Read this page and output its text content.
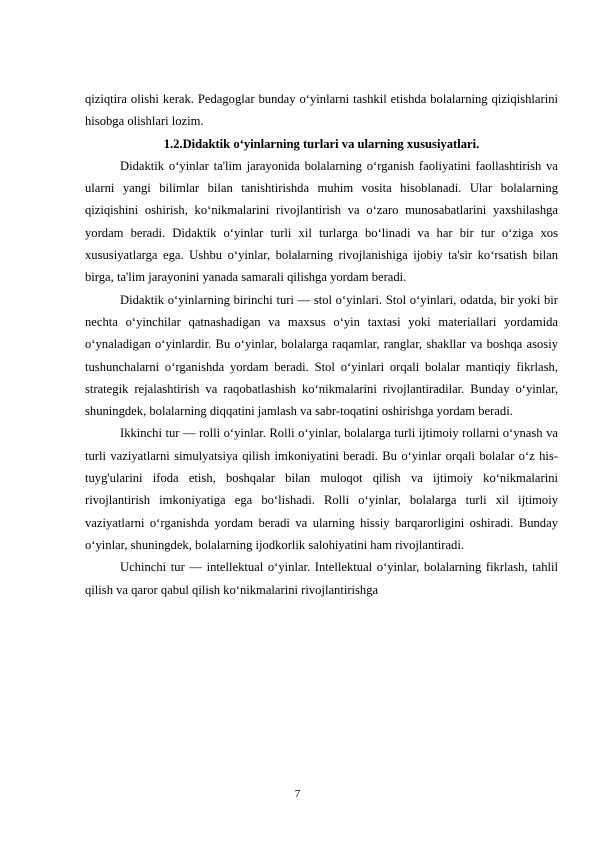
qiziqtira olishi kerak. Pedagoglar bunday o‘yinlarni tashkil etishda bolalarning qiziqishlarini hisobga olishlari lozim.

1.2.Didaktik o‘yinlarning turlari va ularning xususiyatlari.

Didaktik o‘yinlar ta'lim jarayonida bolalarning o‘rganish faoliyatini faollashtirish va ularni yangi bilimlar bilan tanishtirishda muhim vosita hisoblanadi. Ular bolalarning qiziqishini oshirish, ko‘nikmalarini rivojlantirish va o‘zaro munosabatlarini yaxshilashga yordam beradi. Didaktik o‘yinlar turli xil turlarga bo‘linadi va har bir tur o‘ziga xos xususiyatlarga ega. Ushbu o‘yinlar, bolalarning rivojlanishiga ijobiy ta'sir ko‘rsatish bilan birga, ta'lim jarayonini yanada samarali qilishga yordam beradi.

Didaktik o‘yinlarning birinchi turi — stol o‘yinlari. Stol o‘yinlari, odatda, bir yoki bir nechta o‘yinchilar qatnashadigan va maxsus o‘yin taxtasi yoki materiallari yordamida o‘ynaladigan o‘yinlardir. Bu o‘yinlar, bolalarga raqamlar, ranglar, shakllar va boshqa asosiy tushunchalarni o‘rganishda yordam beradi. Stol o‘yinlari orqali bolalar mantiqiy fikrlash, strategik rejalashtirish va raqobatlashish ko‘nikmalarini rivojlantiradilar. Bunday o‘yinlar, shuningdek, bolalarning diqqatini jamlash va sabr-toqatini oshirishga yordam beradi.

Ikkinchi tur — rolli o‘yinlar. Rolli o‘yinlar, bolalarga turli ijtimoiy rollarni o‘ynash va turli vaziyatlarni simulyatsiya qilish imkoniyatini beradi. Bu o‘yinlar orqali bolalar o‘z his-tuyg'ularini ifoda etish, boshqalar bilan muloqot qilish va ijtimoiy ko‘nikmalarini rivojlantirish imkoniyatiga ega bo‘lishadi. Rolli o‘yinlar, bolalarga turli xil ijtimoiy vaziyatlarni o‘rganishda yordam beradi va ularning hissiy barqarorligini oshiradi. Bunday o‘yinlar, shuningdek, bolalarning ijodkorlik salohiyatini ham rivojlantiradi.

Uchinchi tur — intellektual o‘yinlar. Intellektual o‘yinlar, bolalarning fikrlash, tahlil qilish va qaror qabul qilish ko‘nikmalarini rivojlantirishga

7
